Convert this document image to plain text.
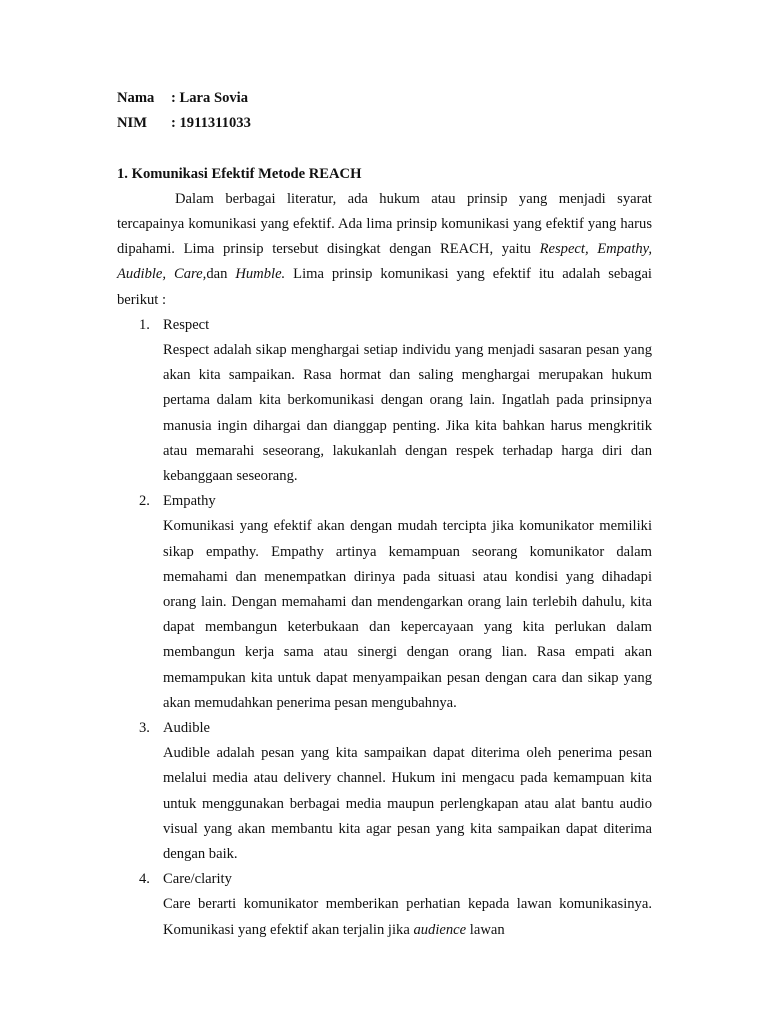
Nama : Lara Sovia
NIM : 1911311033
1. Komunikasi Efektif Metode REACH

Dalam berbagai literatur, ada hukum atau prinsip yang menjadi syarat tercapainya komunikasi yang efektif. Ada lima prinsip komunikasi yang efektif yang harus dipahami. Lima prinsip tersebut disingkat dengan REACH, yaitu Respect, Empathy, Audible, Care,dan Humble. Lima prinsip komunikasi yang efektif itu adalah sebagai berikut :

1. Respect
Respect adalah sikap menghargai setiap individu yang menjadi sasaran pesan yang akan kita sampaikan. Rasa hormat dan saling menghargai merupakan hukum pertama dalam kita berkomunikasi dengan orang lain. Ingatlah pada prinsipnya manusia ingin dihargai dan dianggap penting. Jika kita bahkan harus mengkritik atau memarahi seseorang, lakukanlah dengan respek terhadap harga diri dan kebanggaan seseorang.
2. Empathy
Komunikasi yang efektif akan dengan mudah tercipta jika komunikator memiliki sikap empathy. Empathy artinya kemampuan seorang komunikator dalam memahami dan menempatkan dirinya pada situasi atau kondisi yang dihadapi orang lain. Dengan memahami dan mendengarkan orang lain terlebih dahulu, kita dapat membangun keterbukaan dan kepercayaan yang kita perlukan dalam membangun kerja sama atau sinergi dengan orang lian. Rasa empati akan memampukan kita untuk dapat menyampaikan pesan dengan cara dan sikap yang akan memudahkan penerima pesan mengubahnya.
3. Audible
Audible adalah pesan yang kita sampaikan dapat diterima oleh penerima pesan melalui media atau delivery channel. Hukum ini mengacu pada kemampuan kita untuk menggunakan berbagai media maupun perlengkapan atau alat bantu audio visual yang akan membantu kita agar pesan yang kita sampaikan dapat diterima dengan baik.
4. Care/clarity
Care berarti komunikator memberikan perhatian kepada lawan komunikasinya. Komunikasi yang efektif akan terjalin jika audience lawan
